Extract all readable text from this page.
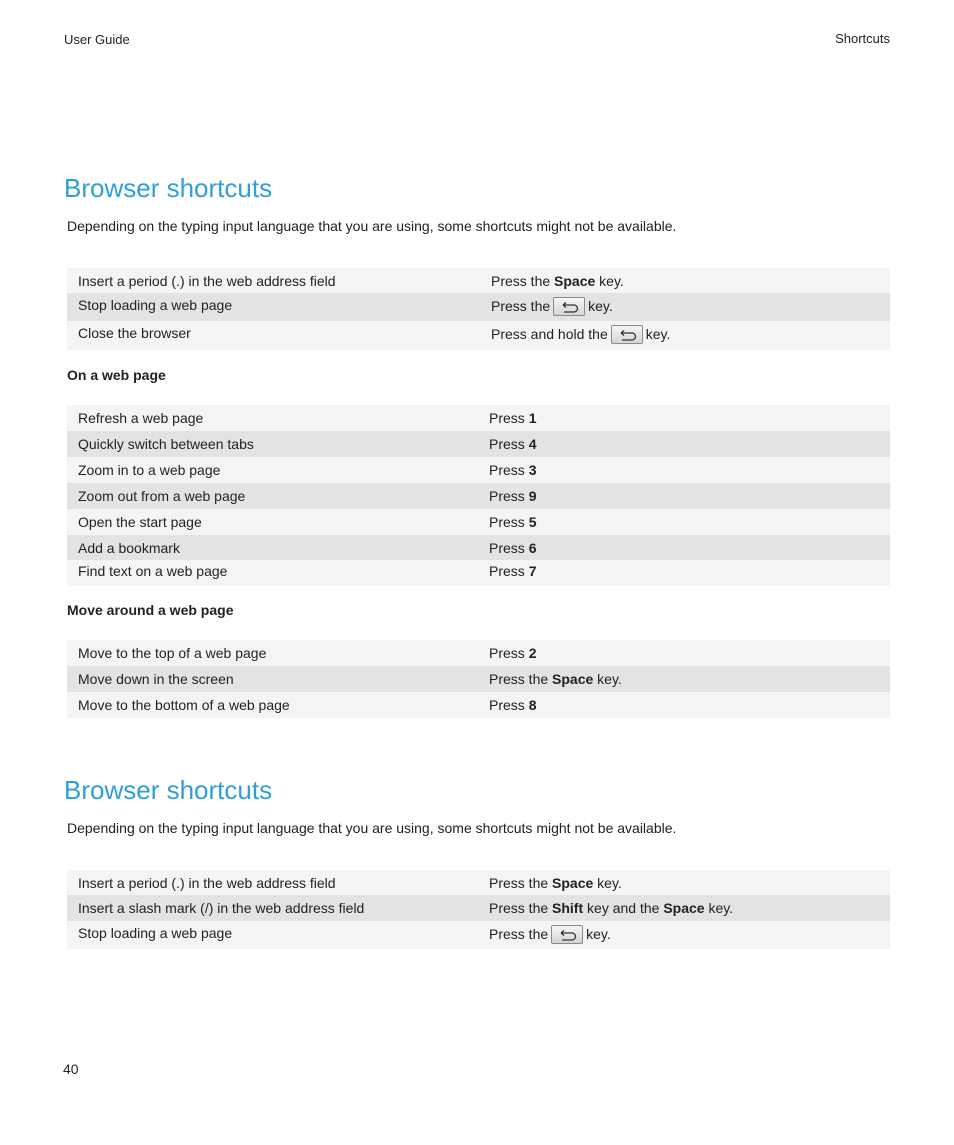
User Guide	Shortcuts
Browser shortcuts

Depending on the typing input language that you are using, some shortcuts might not be available.

Insert a period (.) in the web address field	Press the Space key.
Stop loading a web page	Press the	key.
Close the browser	Press and hold the	key.

On a web page

Refresh a web page	Press 1
Quickly switch between tabs	Press 4
Zoom in to a web page	Press 3
Zoom out from a web page	Press 9
Open the start page	Press 5
Add a bookmark	Press 6
Find text on a web page	Press 7

Move around a web page

Move to the top of a web page	Press 2
Move down in the screen	Press the Space key.
Move to the bottom of a web page	Press 8
Browser shortcuts

Depending on the typing input language that you are using, some shortcuts might not be available.

Insert a period (.) in the web address field	Press the Space key.
Insert a slash mark (/) in the web address field	Press the Shift key and the Space key.
Stop loading a web page	Press the	key.
40
